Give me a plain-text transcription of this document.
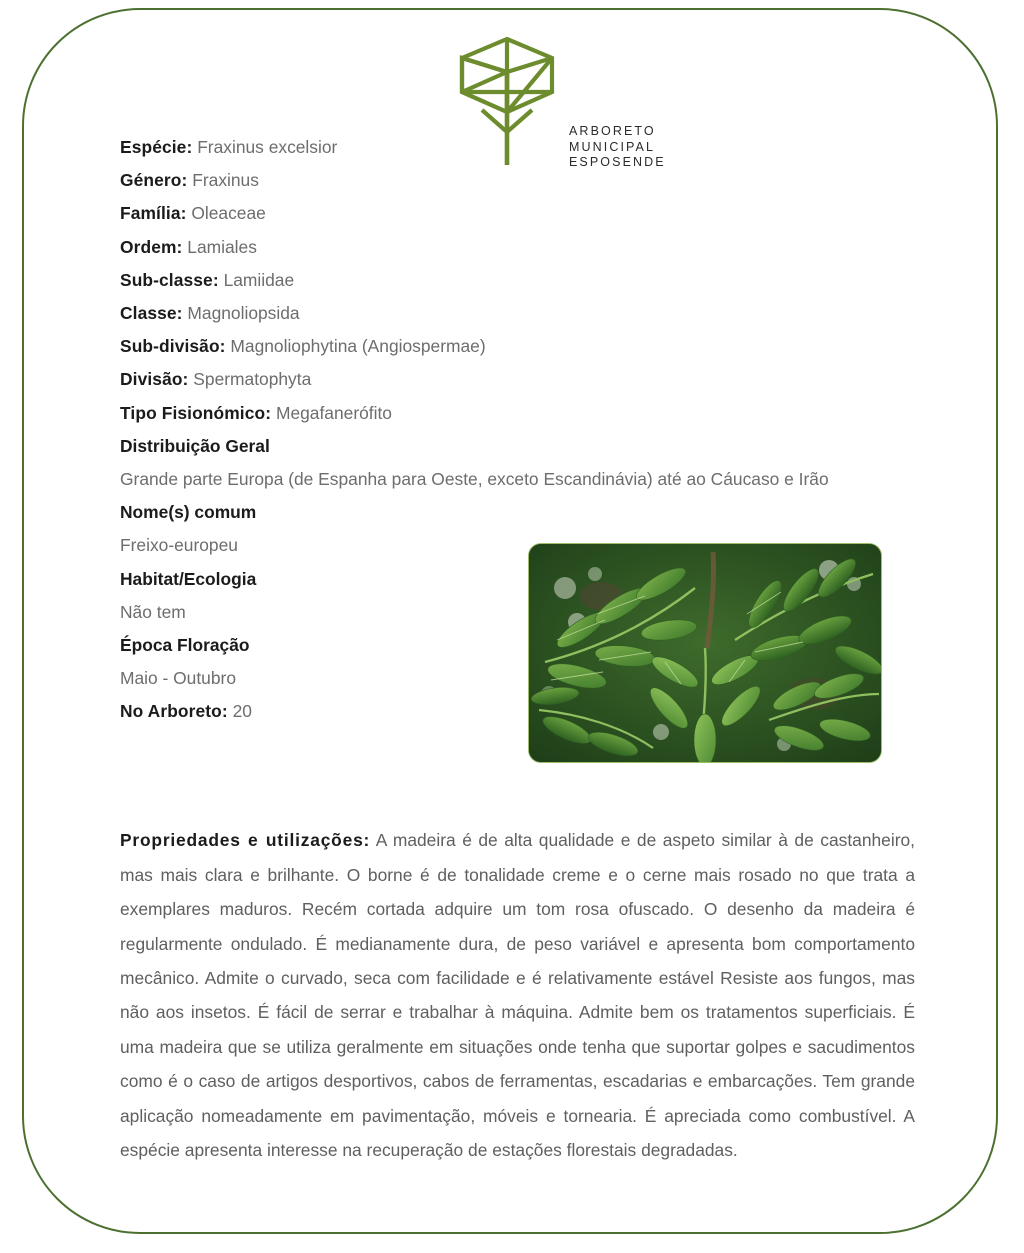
ARBORETO
MUNICIPAL
ESPOSENDE
Espécie: Fraxinus excelsior
Género: Fraxinus
Família: Oleaceae
Ordem: Lamiales
Sub-classe: Lamiidae
Classe: Magnoliopsida
Sub-divisão: Magnoliophytina (Angiospermae)
Divisão: Spermatophyta
Tipo Fisionómico: Megafanerófito
Distribuição Geral
Grande parte Europa (de Espanha para Oeste, exceto Escandinávia) até ao Cáucaso e Irão
Nome(s) comum
Freixo-europeu
Habitat/Ecologia
Não tem
Época Floração
Maio - Outubro
No Arboreto: 20

Propriedades e utilizações: A madeira é de alta qualidade e de aspeto similar à de castanheiro, mas mais clara e brilhante. O borne é de tonalidade creme e o cerne mais rosado no que trata a exemplares maduros. Recém cortada adquire um tom rosa ofuscado. O desenho da madeira é regularmente ondulado. É medianamente dura, de peso variável e apresenta bom comportamento mecânico. Admite o curvado, seca com facilidade e é relativamente estável Resiste aos fungos, mas não aos insetos. É fácil de serrar e trabalhar à máquina. Admite bem os tratamentos superficiais. É uma madeira que se utiliza geralmente em situações onde tenha que suportar golpes e sacudimentos como é o caso de artigos desportivos, cabos de ferramentas, escadarias e embarcações. Tem grande aplicação nomeadamente em pavimentação, móveis e tornearia. É apreciada como combustível. A espécie apresenta interesse na recuperação de estações florestais degradadas.
